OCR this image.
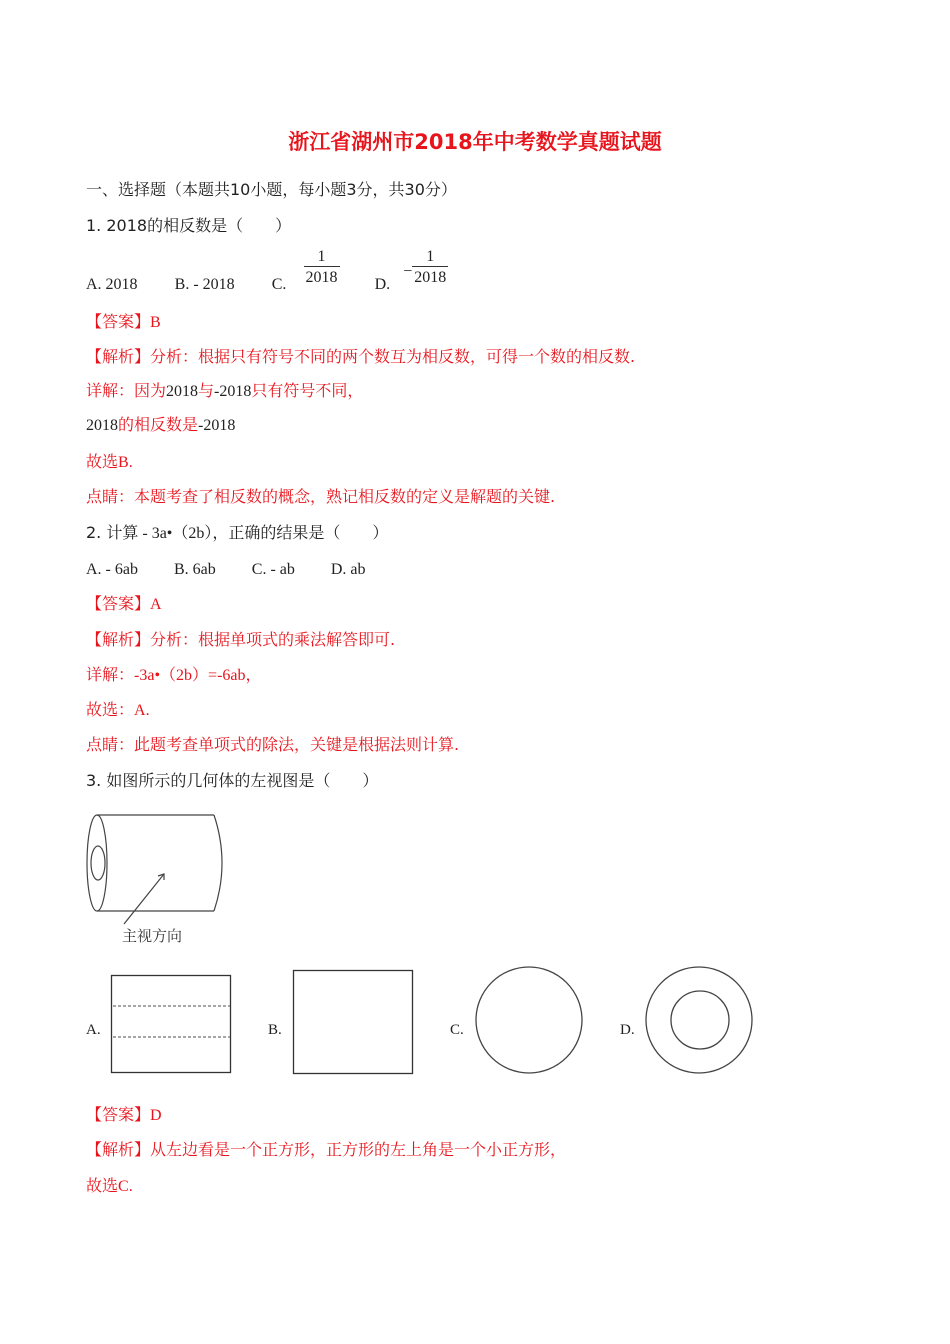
浙江省湖州市2018年中考数学真题试题
一、选择题（本题共10小题，每小题3分，共30分）
1. 2018的相反数是（　　）
A. 2018 B. - 2018 C. $\frac{1}{2018} D$. − $\frac{1}{2018}$
【答案】B
【解析】分析：根据只有符号不同的两个数互为相反数，可得一个数的相反数.
详解：因为2018与-2018只有符号不同，
2018的相反数是-2018
故选B.
点睛：本题考查了相反数的概念，熟记相反数的定义是解题的关键.
2. 计算 - 3a•（2b），正确的结果是（　　）
A. - 6ab B. 6ab C. - ab D. ab
【答案】A
【解析】分析：根据单项式的乘法解答即可.
详解：-3a•（2b）=-6ab，
故选：A.
点睛：此题考查单项式的除法，关键是根据法则计算.
3. 如图所示的几何体的左视图是（　　）
主视方向
A.	B.	C.	D.
【答案】D
【解析】从左边看是一个正方形，正方形的左上角是一个小正方形，
故选C.
